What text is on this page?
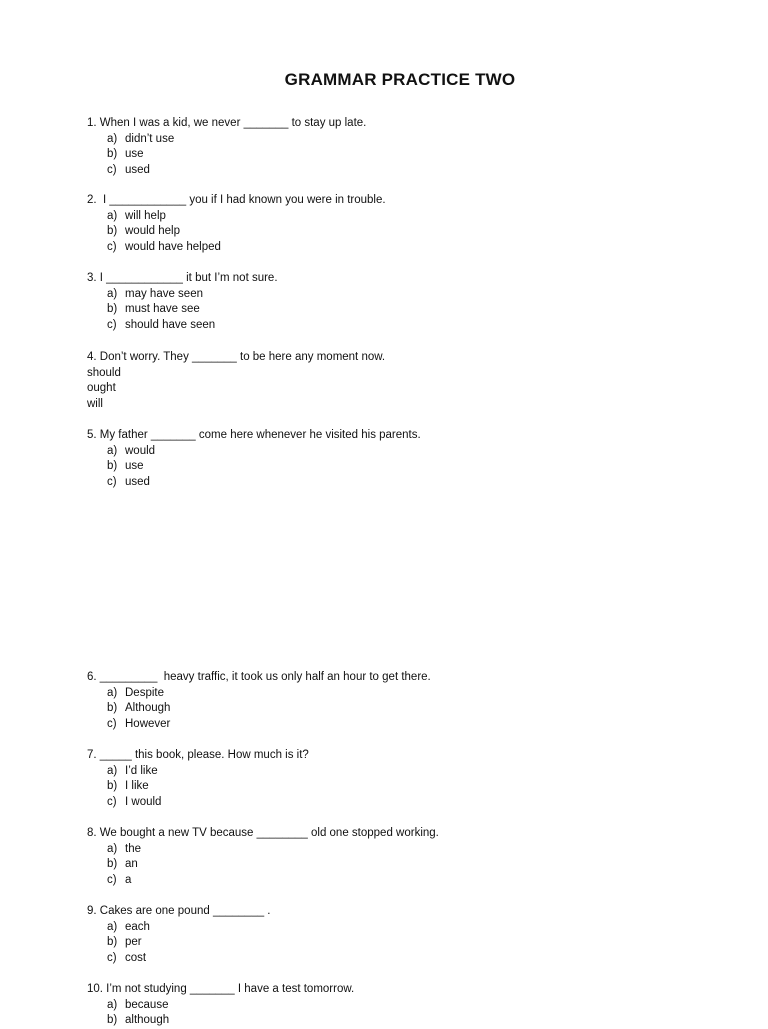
GRAMMAR PRACTICE TWO
1. When I was a kid, we never _______ to stay up late.
a) didn’t use
b) use
c) used
2.  I ____________ you if I had known you were in trouble.
a) will help
b) would help
c) would have helped
3. I ____________ it but I’m not sure.
a) may have seen
b) must have see
c) should have seen
4. Don’t worry. They _______ to be here any moment now.
should
ought
will
5. My father _______ come here whenever he visited his parents.
a) would
b) use
c) used
6. _________  heavy traffic, it took us only half an hour to get there.
a) Despite
b) Although
c) However
7. _____ this book, please. How much is it?
a) I’d like
b) I like
c) I would
8. We bought a new TV because ________ old one stopped working.
a) the
b) an
c) a
9. Cakes are one pound ________ .
a) each
b) per
c) cost
10. I’m not studying _______ I have a test tomorrow.
a) because
b) although
